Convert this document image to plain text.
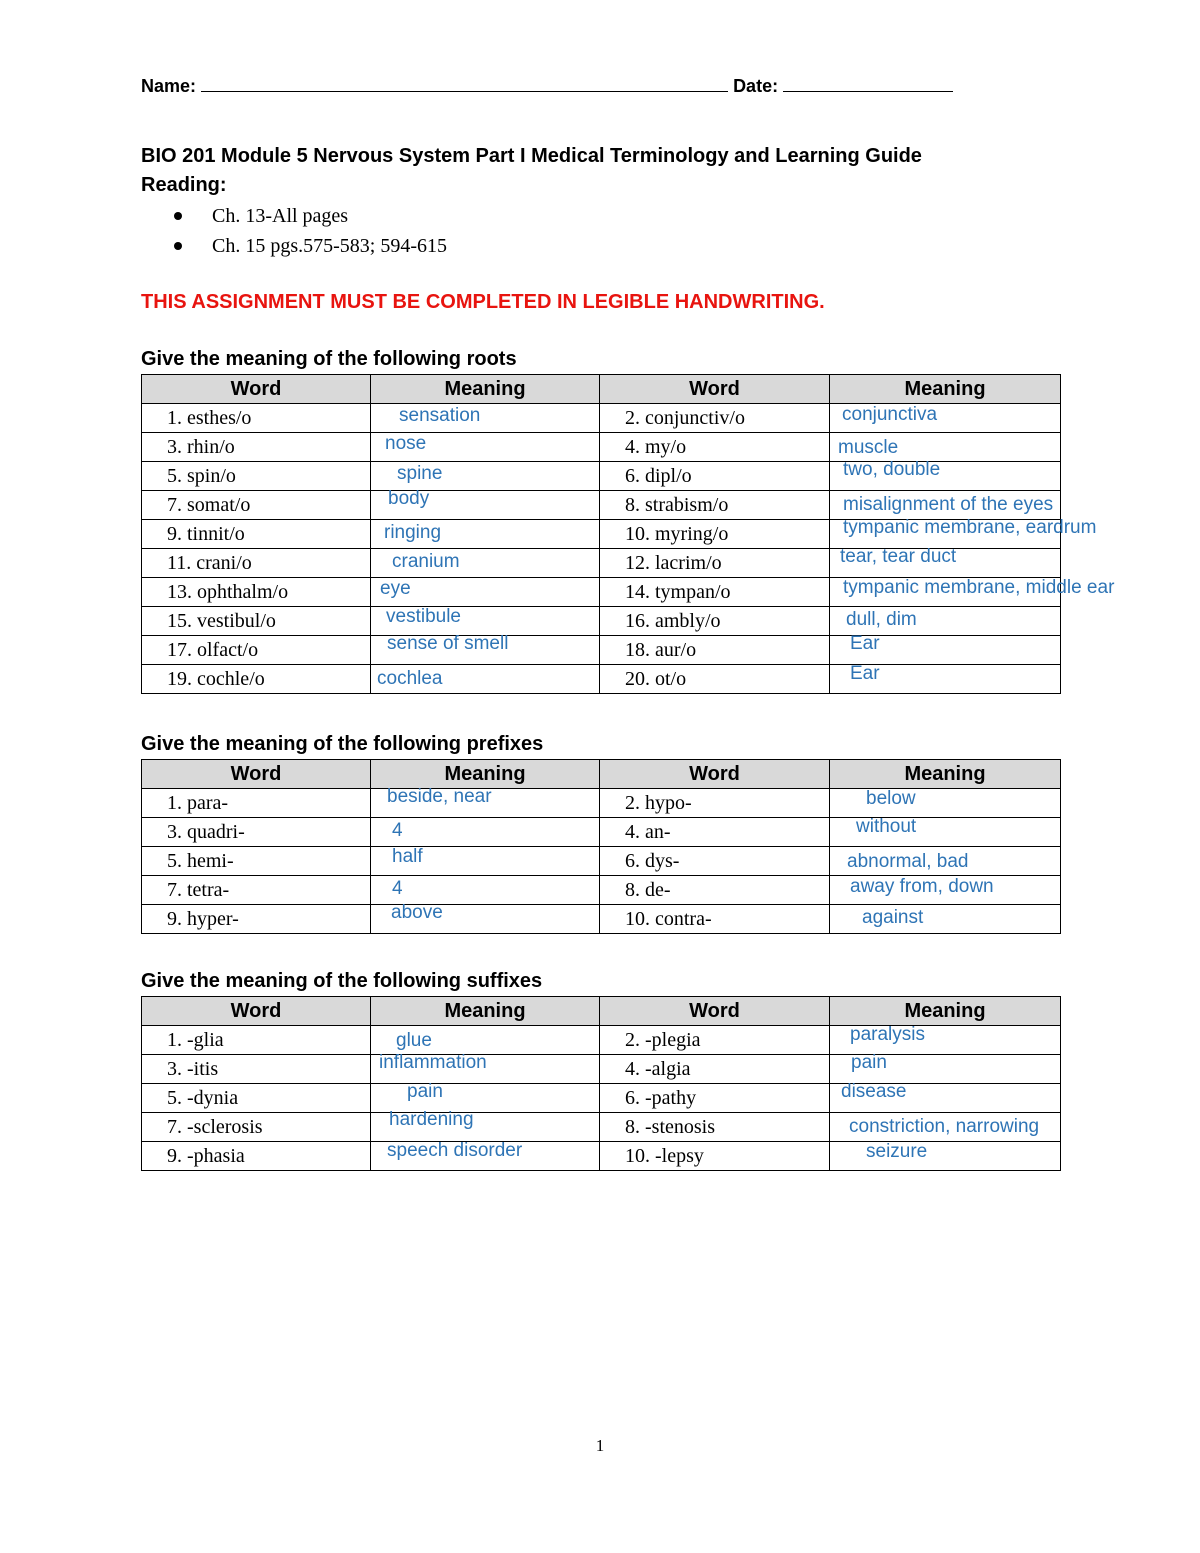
Name:	Date:
BIO 201 Module 5 Nervous System Part I Medical Terminology and Learning Guide
Reading:
Ch. 13-All pages
Ch. 15 pgs.575-583; 594-615
THIS ASSIGNMENT MUST BE COMPLETED IN LEGIBLE HANDWRITING.
Give the meaning of the following roots
Word	Meaning	Word	Meaning
1. esthes/o	sensation	2. conjunctiv/o	conjunctiva

3. rhin/o	nose	4. my/o	muscle

5. spin/o	spine	6. dipl/o	two, double

7. somat/o	body	8. strabism/o	misalignment of the eyes

9. tinnit/o	ringing	10. myring/o	tympanic membrane, eardrum

11. crani/o	cranium	12. lacrim/o	tear, tear duct

13. ophthalm/o	eye	14. tympan/o	tympanic membrane, middle ear

15. vestibul/o	vestibule	16. ambly/o	dull, dim

17. olfact/o	sense of smell	18. aur/o	Ear

19. cochle/o	cochlea	20. ot/o	Ear
Give the meaning of the following prefixes
Word	Meaning	Word	Meaning
1. para-	beside, near	2. hypo-	below

3. quadri-	4	4. an-	without

5. hemi-	half	6. dys-	abnormal, bad

7. tetra-	4	8. de-	away from, down

9. hyper-	above	10. contra-	against
Give the meaning of the following suffixes
Word	Meaning	Word	Meaning
1. -glia	glue	2. -plegia	paralysis

3. -itis	inflammation	4. -algia	pain

5. -dynia	pain	6. -pathy	disease

7. -sclerosis	hardening	8. -stenosis	constriction, narrowing

9. -phasia	speech disorder	10. -lepsy	seizure
1
